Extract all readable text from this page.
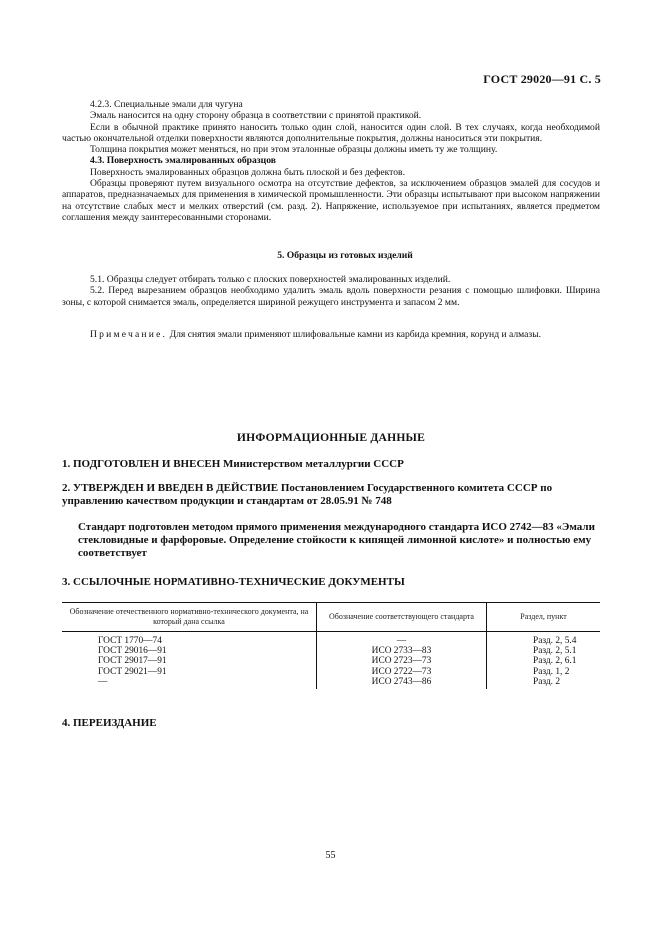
ГОСТ 29020—91 С. 5

4.2.3. Специальные эмали для чугуна

Эмаль наносится на одну сторону образца в соответствии с принятой практикой.

Если в обычной практике принято наносить только один слой, наносится один слой. В тех случаях, когда необходимой частью окончательной отделки поверхности являются дополнительные покрытия, должны наноситься эти покрытия.

Толщина покрытия может меняться, но при этом эталонные образцы должны иметь ту же толщину.

4.3. Поверхность эмалированных образцов

Поверхность эмалированных образцов должна быть плоской и без дефектов.

Образцы проверяют путем визуального осмотра на отсутствие дефектов, за исключением образцов эмалей для сосудов и аппаратов, предназначаемых для применения в химической промышленности. Эти образцы испытывают при высоком напряжении на отсутствие слабых мест и мелких отверстий (см. разд. 2). Напряжение, используемое при испытаниях, является предметом соглашения между заинтересованными сторонами.

5. Образцы из готовых изделий

5.1. Образцы следует отбирать только с плоских поверхностей эмалированных изделий.

5.2. Перед вырезанием образцов необходимо удалить эмаль вдоль поверхности резания с помощью шлифовки. Ширина зоны, с которой снимается эмаль, определяется шириной режущего инструмента и запасом 2 мм.

Примечание. Для снятия эмали применяют шлифовальные камни из карбида кремния, корунд и алмазы.

ИНФОРМАЦИОННЫЕ ДАННЫЕ

1. ПОДГОТОВЛЕН И ВНЕСЕН Министерством металлургии СССР

2. УТВЕРЖДЕН И ВВЕДЕН В ДЕЙСТВИЕ Постановлением Государственного комитета СССР по управлению качеством продукции и стандартам от 28.05.91 № 748

Стандарт подготовлен методом прямого применения международного стандарта ИСО 2742—83 «Эмали стекловидные и фарфоровые. Определение стойкости к кипящей лимонной кислоте» и полностью ему соответствует

3. ССЫЛОЧНЫЕ НОРМАТИВНО-ТЕХНИЧЕСКИЕ ДОКУМЕНТЫ

Обозначение отечественного нормативно-технического документа, на который дана ссылка	Обозначение соответствующего стандарта	Раздел, пункт
ГОСТ 1770—74	—	Разд. 2, 5.4
ГОСТ 29016—91	ИСО 2733—83	Разд. 2, 5.1
ГОСТ 29017—91	ИСО 2723—73	Разд. 2, 6.1
ГОСТ 29021—91	ИСО 2722—73	Разд. 1, 2
—	ИСО 2743—86	Разд. 2

4. ПЕРЕИЗДАНИЕ

55
